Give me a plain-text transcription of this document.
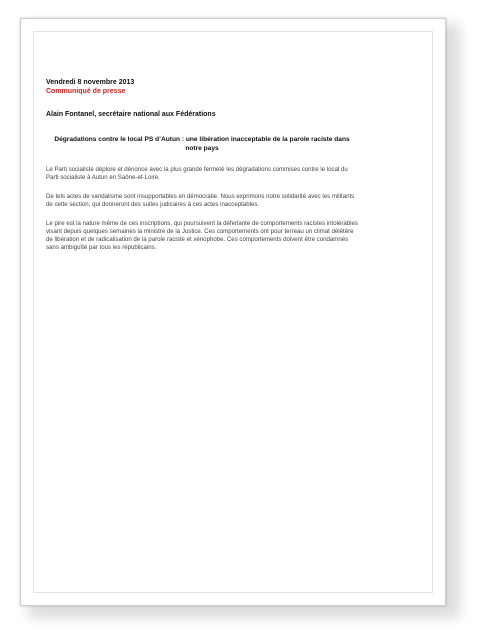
Vendredi 8 novembre 2013
Communiqué de presse
Alain Fontanel, secrétaire national aux Fédérations
Dégradations contre le local PS d’Autun : une libération inacceptable de la parole raciste dans notre pays

Le Parti socialiste déplore et dénonce avec la plus grande fermeté les dégradations commises contre le local du Parti socialiste à Autun en Saône-et-Loire.

De tels actes de vandalisme sont insupportables en démocratie. Nous exprimons notre solidarité avec les militants de cette section, qui donneront des suites judicaires à ces actes inacceptables.

Le pire est la nature même de ces inscriptions, qui poursuivent la déferlante de comportements racistes intolérables visant depuis quelques semaines la ministre de la Justice. Ces comportements ont pour terreau un climat délétère de libération et de radicalisation de la parole raciste et xénophobe. Ces comportements doivent être condamnés sans ambiguïté par tous les républicains.
